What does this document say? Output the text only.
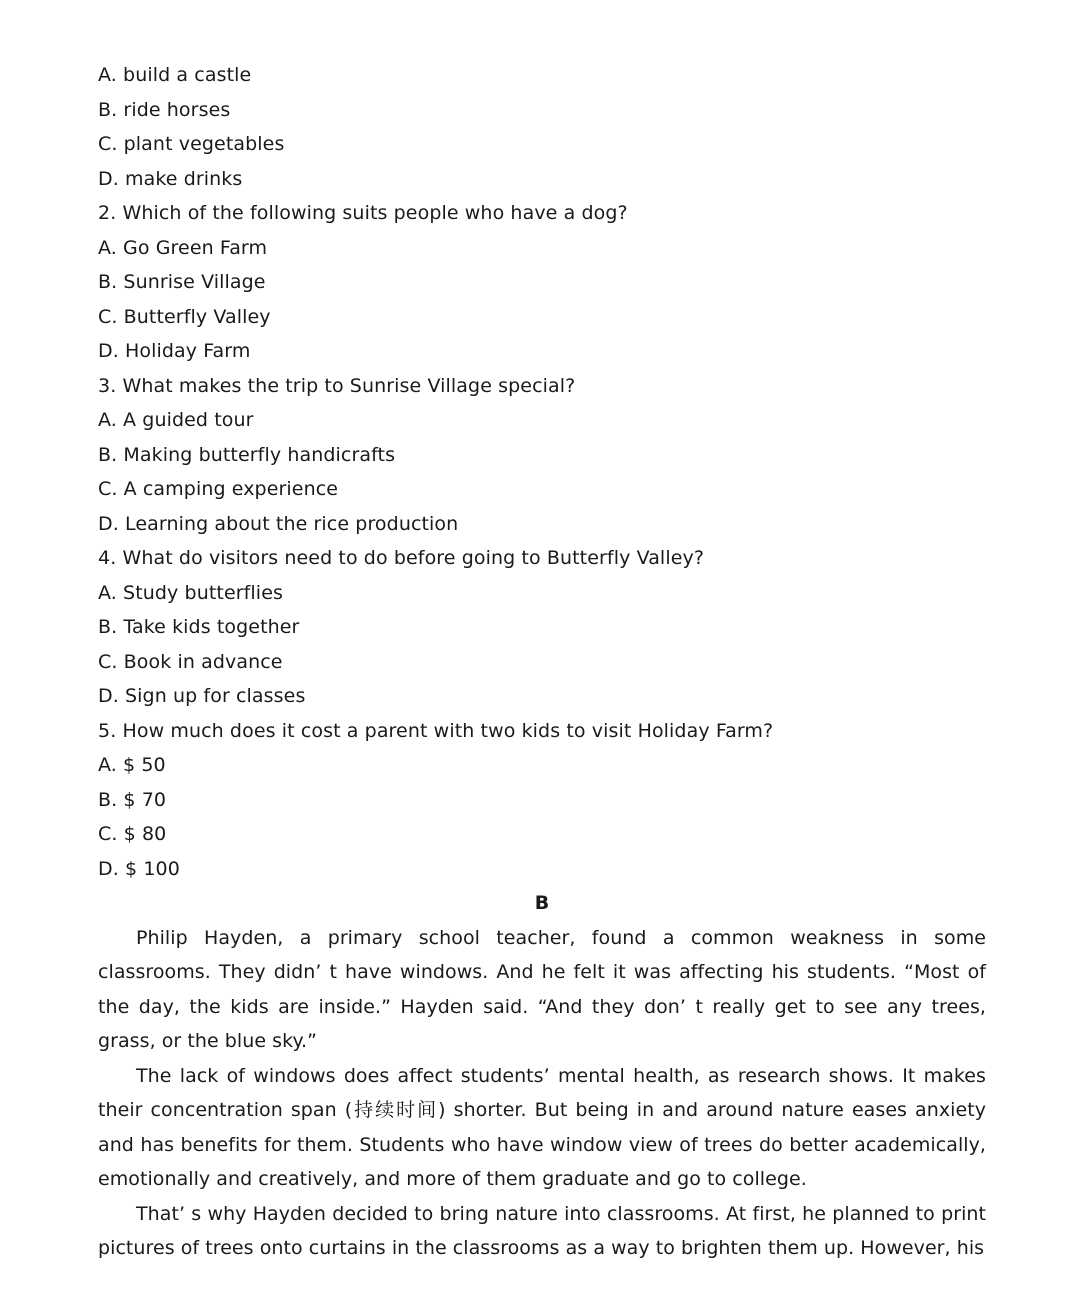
A. build a castle
B. ride horses
C. plant vegetables
D. make drinks
2. Which of the following suits people who have a dog?
A. Go Green Farm
B. Sunrise Village
C. Butterfly Valley
D. Holiday Farm
3. What makes the trip to Sunrise Village special?
A. A guided tour
B. Making butterfly handicrafts
C. A camping experience
D. Learning about the rice production
4. What do visitors need to do before going to Butterfly Valley?
A. Study butterflies
B. Take kids together
C. Book in advance
D. Sign up for classes
5. How much does it cost a parent with two kids to visit Holiday Farm?
A. $ 50
B. $ 70
C. $ 80
D. $ 100
B

Philip Hayden, a primary school teacher, found a common weakness in some classrooms. They didn’ t have windows. And he felt it was affecting his students. “Most of the day, the kids are inside.” Hayden said. “And they don’ t really get to see any trees, grass, or the blue sky.”

The lack of windows does affect students’ mental health, as research shows. It makes their concentration span (持续时间) shorter. But being in and around nature eases anxiety and has benefits for them. Students who have window view of trees do better academically, emotionally and creatively, and more of them graduate and go to college.

That’ s why Hayden decided to bring nature into classrooms. At first, he planned to print pictures of trees onto curtains in the classrooms as a way to brighten them up. However, his
